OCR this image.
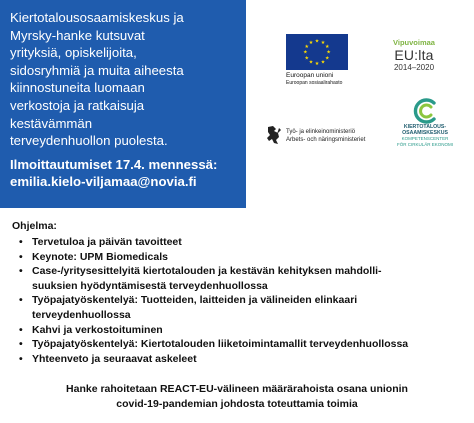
Kiertotalousosaamiskeskus ja
Myrsky-hanke kutsuvat
yrityksiä, opiskelijoita,
sidosryhmiä ja muita aiheesta
kiinnostuneita luomaan
verkostoja ja ratkaisuja
kestävämmän
terveydenhuollon puolesta.

Ilmoittautumiset 17.4. mennessä:
emilia.kielo-viljamaa@novia.fi
★ ★
★
★
★
★
★
★
★
★
★
★
Euroopan unioni
Euroopan sosiaalirahasto
Vipuvoimaa
EU:lta
2014–2020
Työ- ja elinkeinoministeriö
Arbets- och näringsministeriet
KIERTOTALOUS-
OSAAMISKESKUS
KOMPETENSCENTER
FÖR CIRKULÄR EKONOMI
Ohjelma:
• Tervetuloa ja päivän tavoitteet
• Keynote: UPM Biomedicals
• Case-/yritysesittelyitä kiertotalouden ja kestävän kehityksen mahdolli-
suuksien hyödyntämisestä terveydenhuollossa
• Työpajatyöskentelyä: Tuotteiden, laitteiden ja välineiden elinkaari
terveydenhuollossa
• Kahvi ja verkostoituminen
• Työpajatyöskentelyä: Kiertotalouden liiketoimintamallit terveydenhuollossa
• Yhteenveto ja seuraavat askeleet
Hanke rahoitetaan REACT-EU-välineen määrärahoista osana unionin
covid-19-pandemian johdosta toteuttamia toimia
